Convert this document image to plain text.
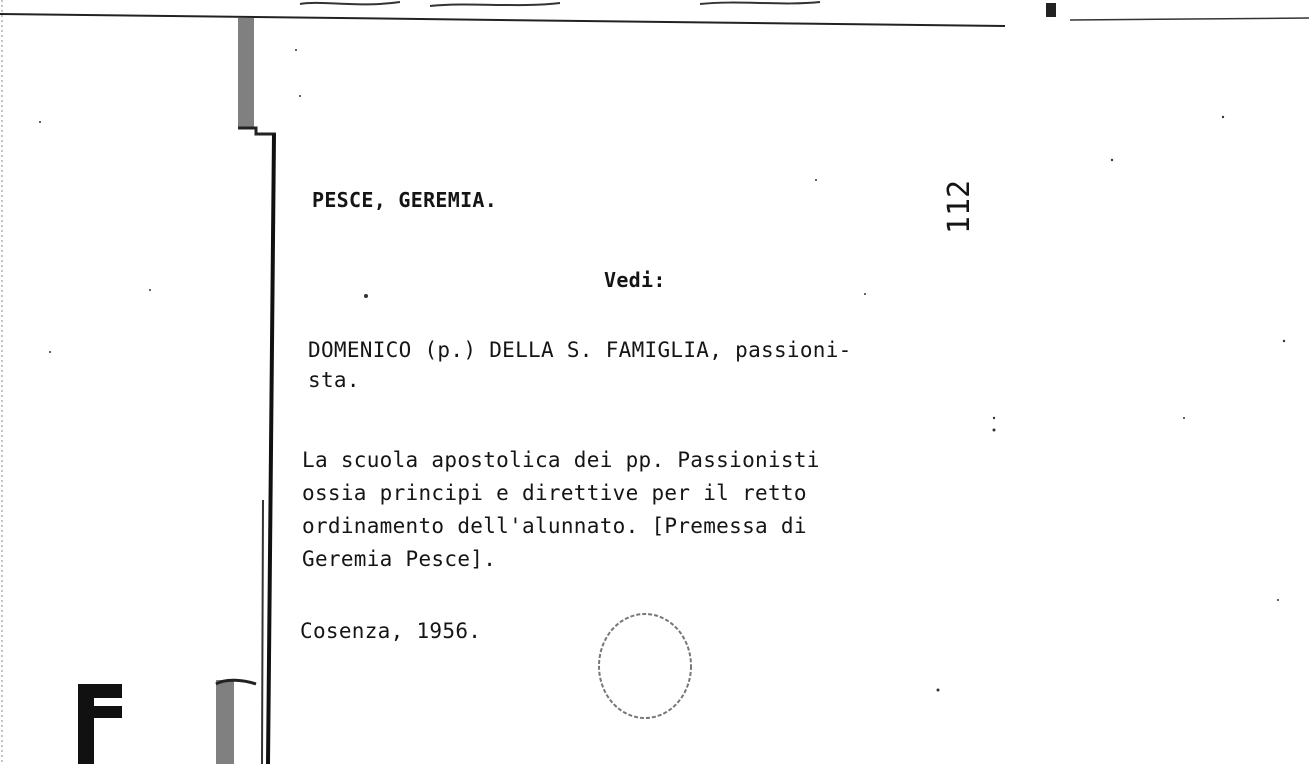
PESCE, GEREMIA.	112
Vedi:
DOMENICO (p.) DELLA S. FAMIGLIA, passioni-
sta.
La scuola apostolica dei pp. Passionisti
ossia principi e direttive per il retto
ordinamento dell'alunnato. [Premessa di
Geremia Pesce].
Cosenza, 1956.
